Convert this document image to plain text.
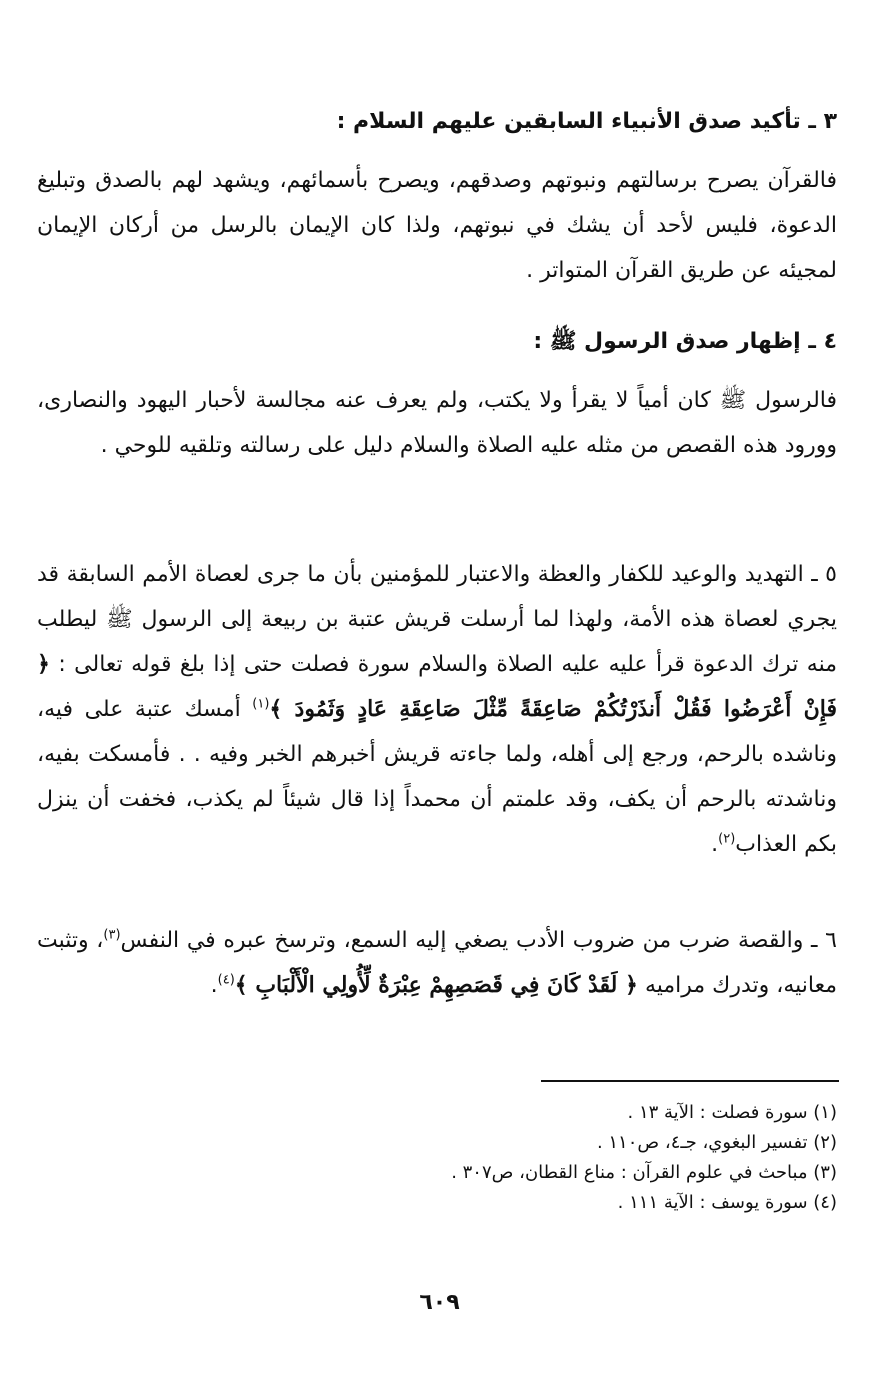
٣ ـ تأكيد صدق الأنبياء السابقين عليهم السلام :
فالقرآن يصرح برسالتهم ونبوتهم وصدقهم، ويصرح بأسمائهم، ويشهد لهم بالصدق وتبليغ الدعوة، فليس لأحد أن يشك في نبوتهم، ولذا كان الإيمان بالرسل من أركان الإيمان لمجيئه عن طريق القرآن المتواتر .
٤ ـ إظهار صدق الرسول ﷺ :
فالرسول ﷺ كان أمياً لا يقرأ ولا يكتب، ولم يعرف عنه مجالسة لأحبار اليهود والنصارى، وورود هذه القصص من مثله عليه الصلاة والسلام دليل على رسالته وتلقيه للوحي .
٥ ـ التهديد والوعيد للكفار والعظة والاعتبار للمؤمنين بأن ما جرى لعصاة الأمم السابقة قد يجري لعصاة هذه الأمة، ولهذا لما أرسلت قريش عتبة بن ربيعة إلى الرسول ﷺ ليطلب منه ترك الدعوة قرأ عليه عليه الصلاة والسلام سورة فصلت حتى إذا بلغ قوله تعالى : ﴿ فَإِنْ أَعْرَضُوا فَقُلْ أَنذَرْتُكُمْ صَاعِقَةً مِّثْلَ صَاعِقَةِ عَادٍ وَثَمُودَ ﴾$^{(١)}$ أمسك عتبة على فيه، وناشده بالرحم، ورجع إلى أهله، ولما جاءته قريش أخبرهم الخبر وفيه . . فأمسكت بفيه، وناشدته بالرحم أن يكف، وقد علمتم أن محمداً إذا قال شيئاً لم يكذب، فخفت أن ينزل بكم العذاب$^{(٢)}$.
٦ ـ والقصة ضرب من ضروب الأدب يصغي إليه السمع، وترسخ عبره في النفس$^{(٣)}$، وتثبت معانيه، وتدرك مراميه ﴿ لَقَدْ كَانَ فِي قَصَصِهِمْ عِبْرَةٌ لِّأُولِي الْأَلْبَابِ ﴾$^{(٤)}$.
(١) سورة فصلت : الآية ١٣ .
(٢) تفسير البغوي، جـ٤، ص١١٠ .
(٣) مباحث في علوم القرآن : مناع القطان، ص٣٠٧ .
(٤) سورة يوسف : الآية ١١١ .
٦٠٩
